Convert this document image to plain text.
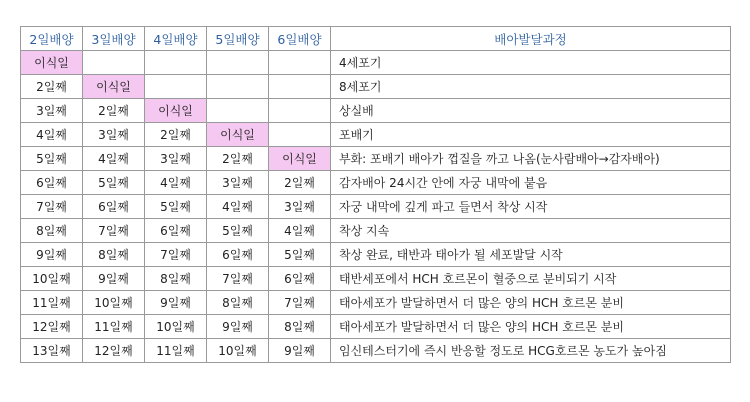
2일배양	3일배양	4일배양	5일배양	6일배양	배아발달과정
이식일					4세포기
2일째	이식일				8세포기
3일째	2일째	이식일			상실배
4일째	3일째	2일째	이식일		포배기
5일째	4일째	3일째	2일째	이식일	부화: 포배기 배아가 껍질을 까고 나옴(눈사람배아→감자배아)
6일째	5일째	4일째	3일째	2일째	감자배아 24시간 안에 자궁 내막에 붙음
7일째	6일째	5일째	4일째	3일째	자궁 내막에 깊게 파고 들면서 착상 시작
8일째	7일째	6일째	5일째	4일째	착상 지속
9일째	8일째	7일째	6일째	5일째	착상 완료, 태반과 태아가 될 세포발달 시작
10일째	9일째	8일째	7일째	6일째	태반세포에서 HCH 호르몬이 혈중으로 분비되기 시작
11일째	10일째	9일째	8일째	7일째	태아세포가 발달하면서 더 많은 양의 HCH 호르몬 분비
12일째	11일째	10일째	9일째	8일째	태아세포가 발달하면서 더 많은 양의 HCH 호르몬 분비
13일째	12일째	11일째	10일째	9일째	임신테스터기에 즉시 반응할 정도로 HCG호르몬 농도가 높아짐
